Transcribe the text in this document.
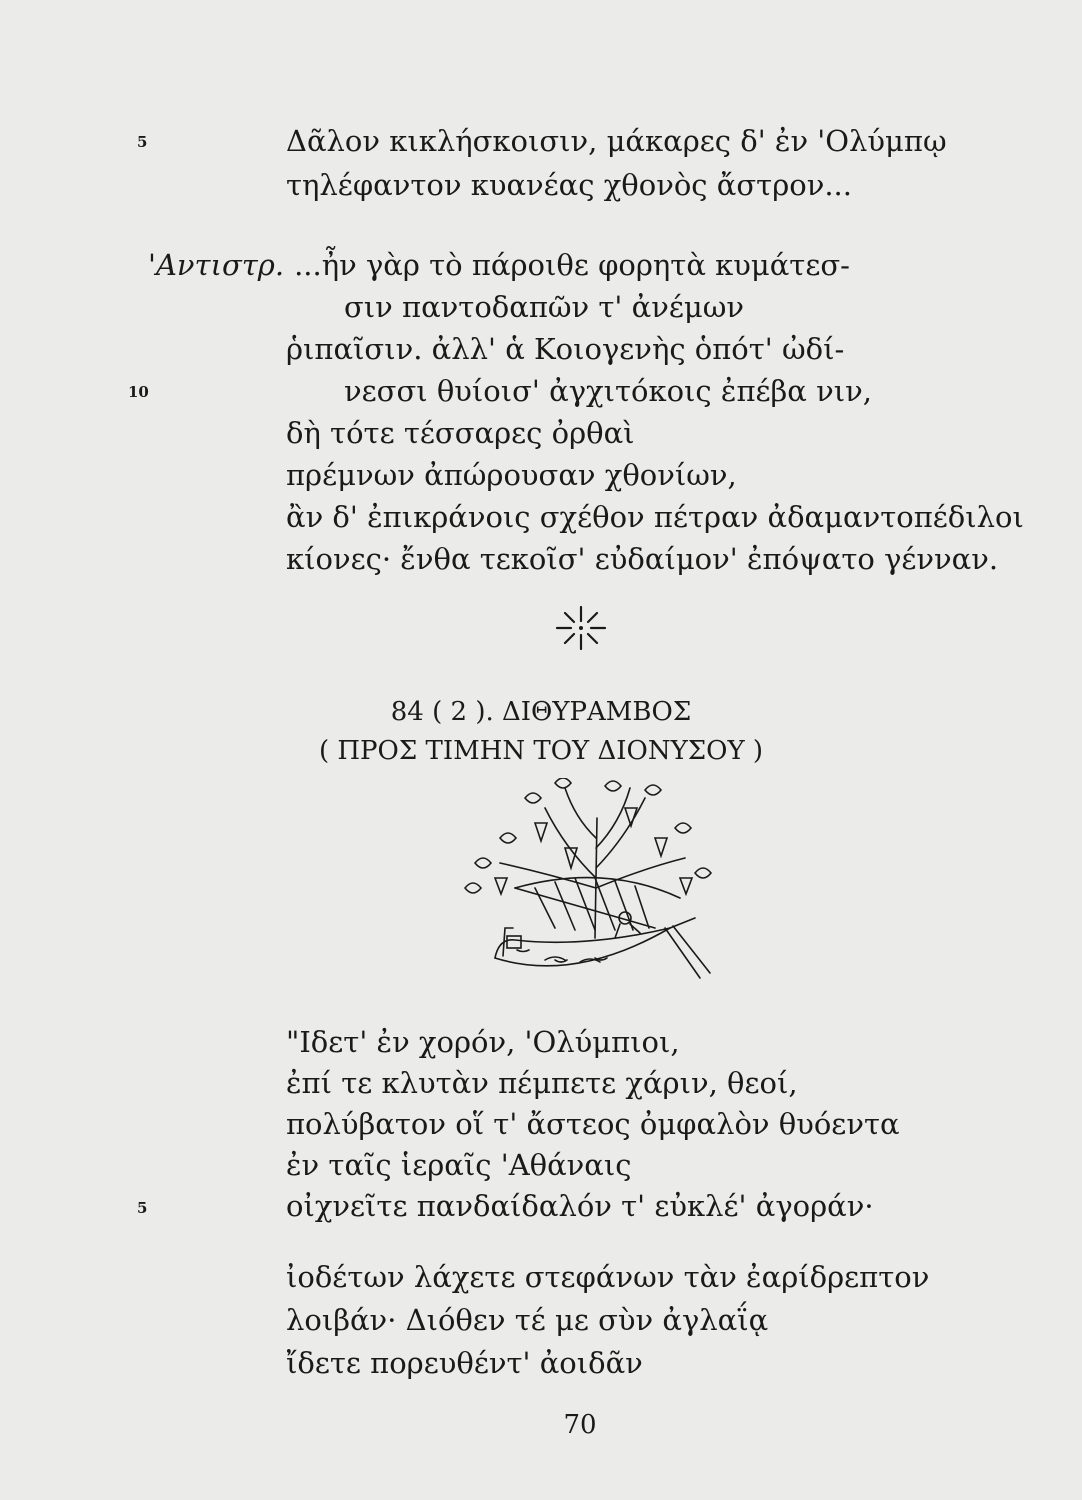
5	Δᾶλον κικλήσκοισιν, μάκαρες δ' ἐν 'Ολύμπῳ
τηλέφαντον κυανέας χθονὸς ἄστρον...
'Αντιστρ. ...ἦν γὰρ τὸ πάροιθε φορητὰ κυμάτεσ-
σιν παντοδαπῶν τ' ἀνέμων
ῥιπαῖσιν. ἀλλ' ἁ Κοιογενὴς ὁπότ' ὠδί-
10	νεσσι θυίοισ' ἀγχιτόκοις ἐπέβα νιν,
δὴ τότε τέσσαρες ὀρθαὶ
πρέμνων ἀπώρουσαν χθονίων,
ἂν δ' ἐπικράνοις σχέθον πέτραν ἀδαμαντοπέδιλοι
κίονες· ἔνθα τεκοῖσ' εὐδαίμον' ἐπόψατο γένναν.
84 ( 2 ). ΔΙΘΥΡΑΜΒΟΣ
( ΠΡΟΣ ΤΙΜΗΝ ΤΟΥ ΔΙΟΝΥΣΟΥ )
"Ιδετ' ἐν χορόν, 'Ολύμπιοι,
ἐπί τε κλυτὰν πέμπετε χάριν, θεοί,
πολύβατον οἵ τ' ἄστεος ὀμφαλὸν θυόεντα
ἐν ταῖς ἱεραῖς 'Αθάναις
5	οἰχνεῖτε πανδαίδαλόν τ' εὐκλέ' ἀγοράν·
ἰοδέτων λάχετε στεφάνων τὰν ἐαρίδρεπτον
λοιβάν· Διόθεν τέ με σὺν ἀγλαΐᾳ
ἴδετε πορευθέντ' ἀοιδᾶν
70
